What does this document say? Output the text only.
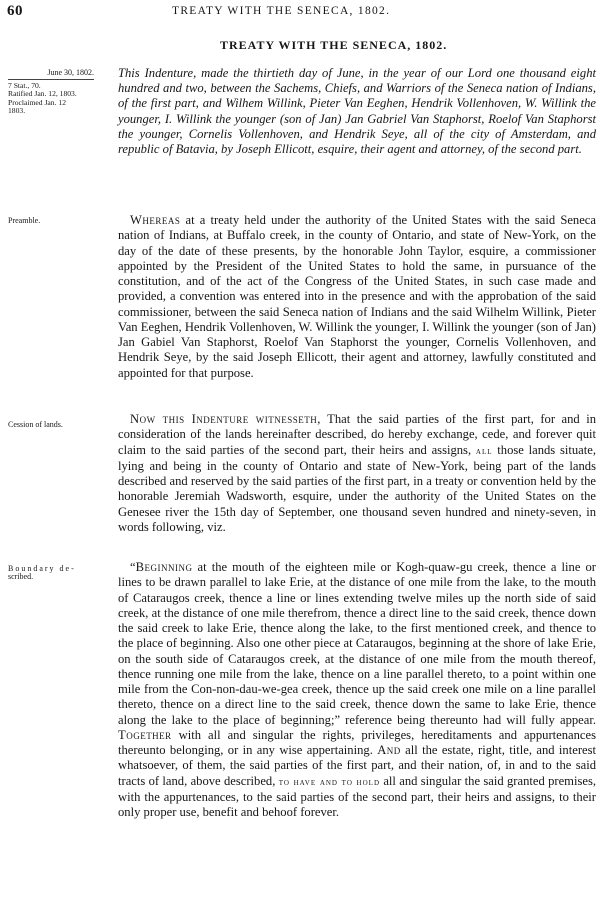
60	TREATY WITH THE SENECA, 1802.
TREATY WITH THE SENECA, 1802.
June 30, 1802.
7 Stat., 70.
Ratified Jan. 12, 1803.
Proclaimed Jan. 12
1803.

This Indenture, made the thirtieth day of June, in the year of our Lord one thousand eight hundred and two, between the Sachems, Chiefs, and Warriors of the Seneca nation of Indians, of the first part, and Wilhem Willink, Pieter Van Eeghen, Hendrik Vollenhoven, W. Willink the younger, I. Willink the younger (son of Jan) Jan Gabriel Van Staphorst, Roelof Van Staphorst the younger, Cornelis Vollenhoven, and Hendrik Seye, all of the city of Amsterdam, and republic of Batavia, by Joseph Ellicott, esquire, their agent and attorney, of the second part.

Preamble.	Whereas at a treaty held under the authority of the United States with the said Seneca nation of Indians, at Buffalo creek, in the county of Ontario, and state of New-York, on the day of the date of these presents, by the honorable John Taylor, esquire, a commissioner appointed by the President of the United States to hold the same, in pursuance of the constitution, and of the act of the Congress of the United States, in such case made and provided, a convention was entered into in the presence and with the approbation of the said commissioner, between the said Seneca nation of Indians and the said Wilhelm Willink, Pieter Van Eeghen, Hendrik Vollenhoven, W. Willink the younger, I. Willink the younger (son of Jan) Jan Gabiel Van Staphorst, Roelof Van Staphorst the younger, Cornelis Vollenhoven, and Hendrik Seye, by the said Joseph Ellicott, their agent and attorney, lawfully constituted and appointed for that purpose.

Cession of lands.	Now this Indenture witnesseth, That the said parties of the first part, for and in consideration of the lands hereinafter described, do hereby exchange, cede, and forever quit claim to the said parties of the second part, their heirs and assigns, all those lands situate, lying and being in the county of Ontario and state of New-York, being part of the lands described and reserved by the said parties of the first part, in a treaty or convention held by the honorable Jeremiah Wadsworth, esquire, under the authority of the United States on the Genesee river the 15th day of September, one thousand seven hundred and ninety-seven, in words following, viz.

Boundary de-
scribed.

“Beginning at the mouth of the eighteen mile or Kogh-quaw-gu creek, thence a line or lines to be drawn parallel to lake Erie, at the distance of one mile from the lake, to the mouth of Cataraugos creek, thence a line or lines extending twelve miles up the north side of said creek, at the distance of one mile therefrom, thence a direct line to the said creek, thence down the said creek to lake Erie, thence along the lake, to the first mentioned creek, and thence to the place of beginning. Also one other piece at Cataraugos, beginning at the shore of lake Erie, on the south side of Cataraugos creek, at the distance of one mile from the mouth thereof, thence running one mile from the lake, thence on a line parallel thereto, to a point within one mile from the Con-non-dau-we-gea creek, thence up the said creek one mile on a line parallel thereto, thence on a direct line to the said creek, thence down the same to lake Erie, thence along the lake to the place of beginning;” reference being thereunto had will fully appear. Together with all and singular the rights, privileges, hereditaments and appurtenances thereunto belonging, or in any wise appertaining. And all the estate, right, title, and interest whatsoever, of them, the said parties of the first part, and their nation, of, in and to the said tracts of land, above described, to have and to hold all and singular the said granted premises, with the appurtenances, to the said parties of the second part, their heirs and assigns, to their only proper use, benefit and behoof forever.
